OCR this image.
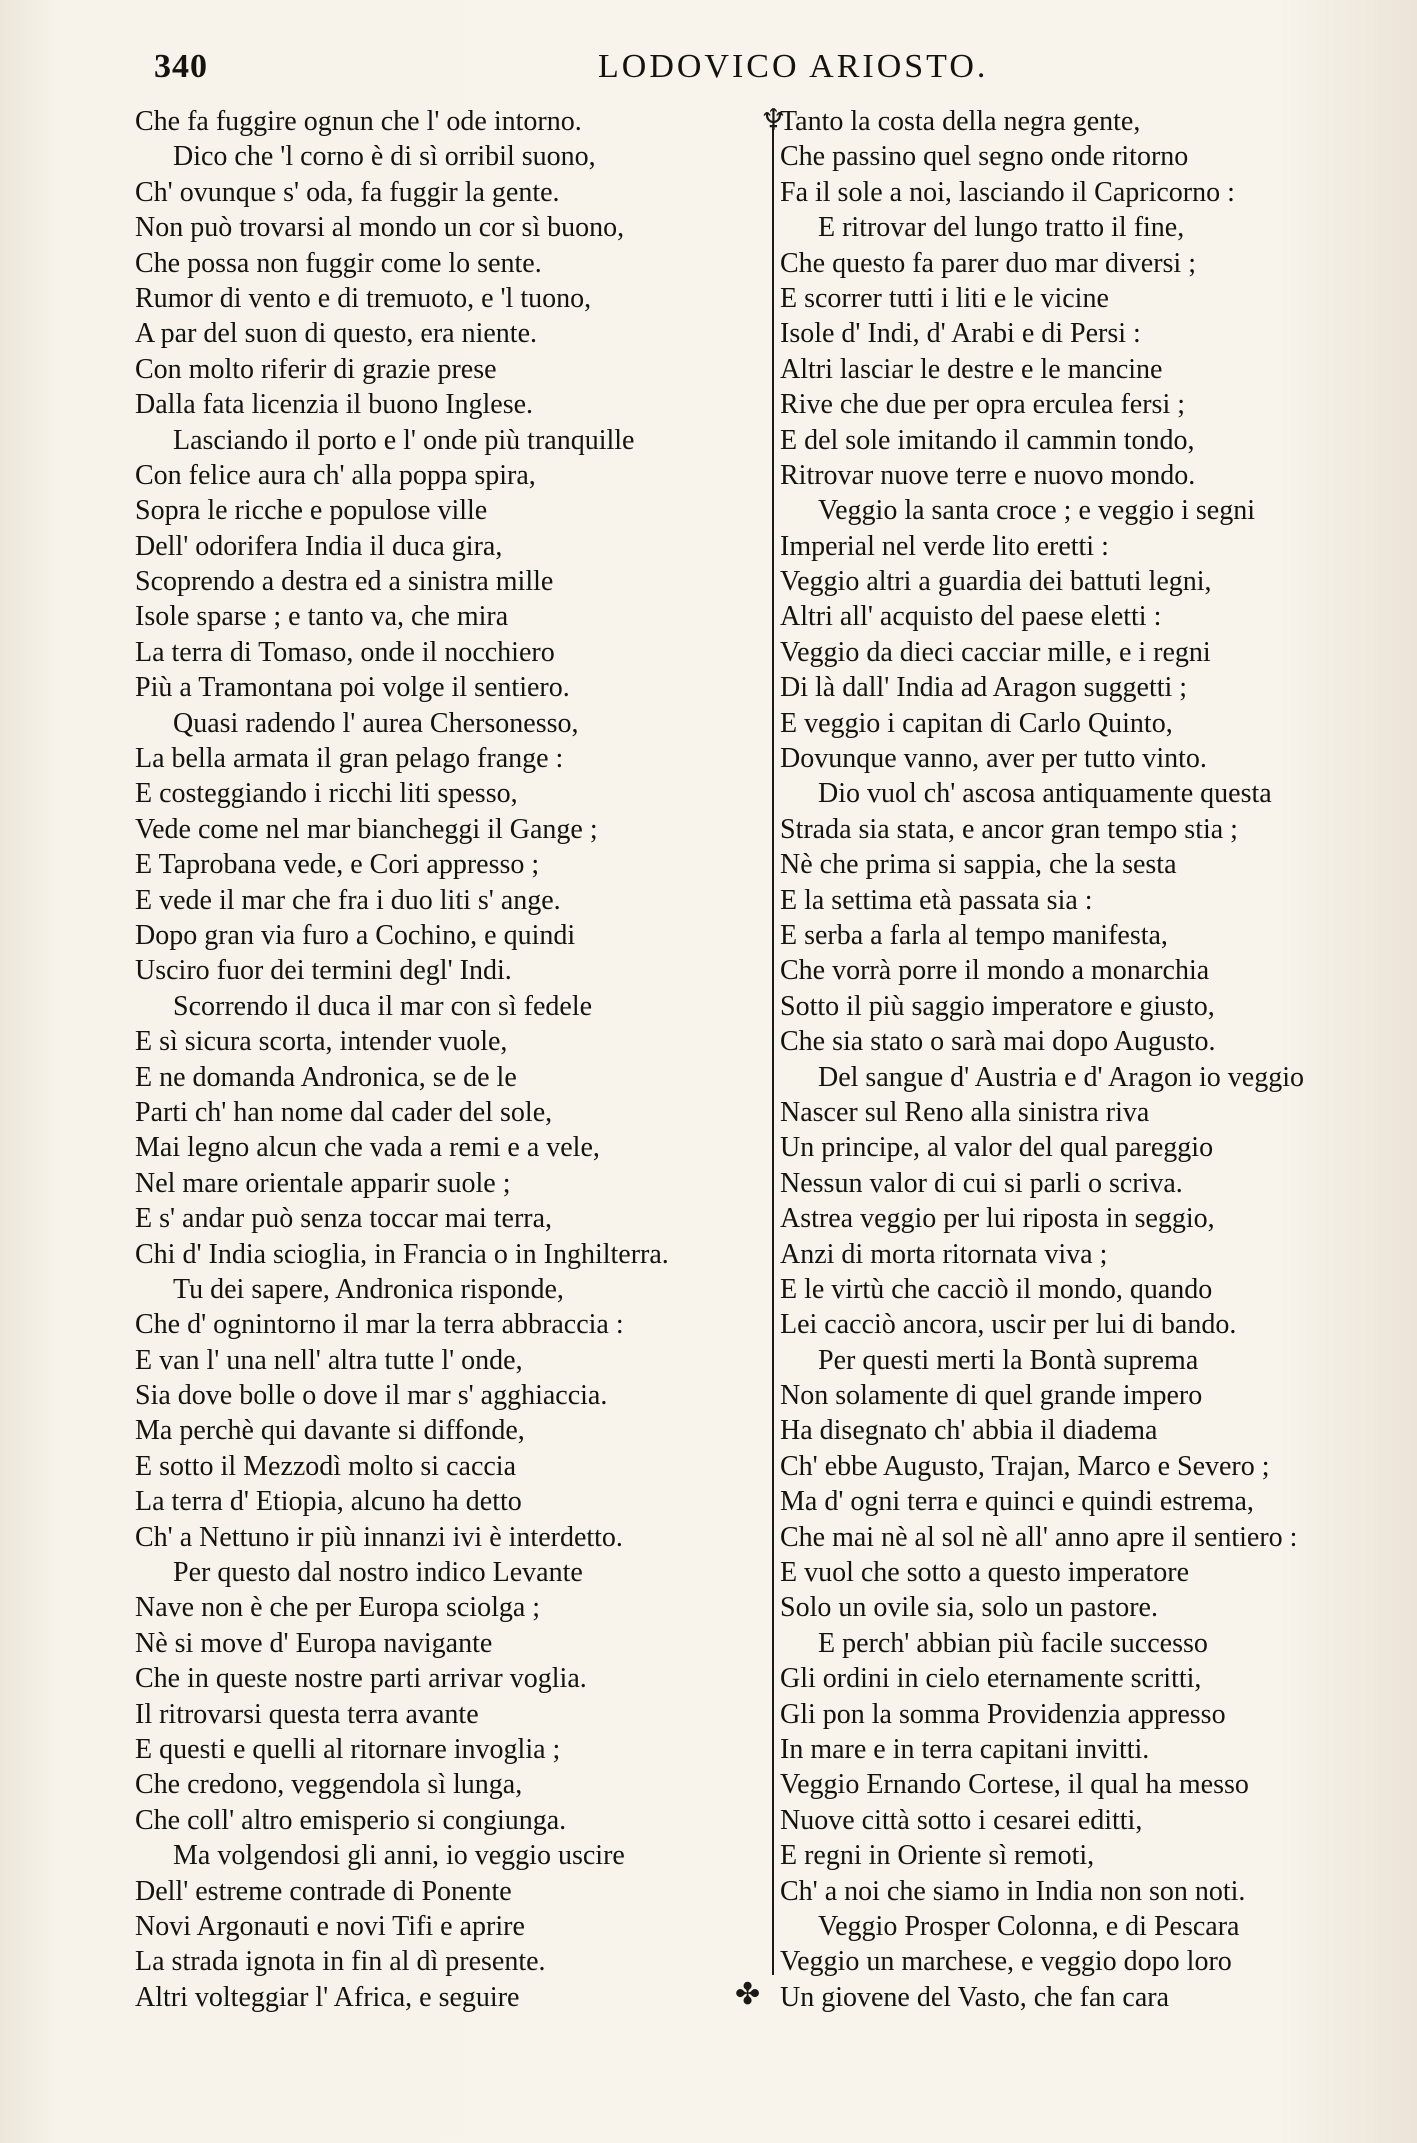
340	LODOVICO ARIOSTO.
Che fa fuggire ognun che l' ode intorno.
Dico che 'l corno è di sì orribil suono,
Ch' ovunque s' oda, fa fuggir la gente.
Non può trovarsi al mondo un cor sì buono,
Che possa non fuggir come lo sente.
Rumor di vento e di tremuoto, e 'l tuono,
A par del suon di questo, era niente.
Con molto riferir di grazie prese
Dalla fata licenzia il buono Inglese.
Lasciando il porto e l' onde più tranquille
Con felice aura ch' alla poppa spira,
Sopra le ricche e populose ville
Dell' odorifera India il duca gira,
Scoprendo a destra ed a sinistra mille
Isole sparse ; e tanto va, che mira
La terra di Tomaso, onde il nocchiero
Più a Tramontana poi volge il sentiero.
Quasi radendo l' aurea Chersonesso,
La bella armata il gran pelago frange :
E costeggiando i ricchi liti spesso,
Vede come nel mar biancheggi il Gange ;
E Taprobana vede, e Cori appresso ;
E vede il mar che fra i duo liti s' ange.
Dopo gran via furo a Cochino, e quindi
Usciro fuor dei termini degl' Indi.
Scorrendo il duca il mar con sì fedele
E sì sicura scorta, intender vuole,
E ne domanda Andronica, se de le
Parti ch' han nome dal cader del sole,
Mai legno alcun che vada a remi e a vele,
Nel mare orientale apparir suole ;
E s' andar può senza toccar mai terra,
Chi d' India scioglia, in Francia o in Inghilterra.
Tu dei sapere, Andronica risponde,
Che d' ognintorno il mar la terra abbraccia :
E van l' una nell' altra tutte l' onde,
Sia dove bolle o dove il mar s' agghiaccia.
Ma perchè qui davante si diffonde,
E sotto il Mezzodì molto si caccia
La terra d' Etiopia, alcuno ha detto
Ch' a Nettuno ir più innanzi ivi è interdetto.
Per questo dal nostro indico Levante
Nave non è che per Europa sciolga ;
Nè si move d' Europa navigante
Che in queste nostre parti arrivar voglia.
Il ritrovarsi questa terra avante
E questi e quelli al ritornare invoglia ;
Che credono, veggendola sì lunga,
Che coll' altro emisperio si congiunga.
Ma volgendosi gli anni, io veggio uscire
Dell' estreme contrade di Ponente
Novi Argonauti e novi Tifi e aprire
La strada ignota in fin al dì presente.
Altri volteggiar l' Africa, e seguire
♆
Tanto la costa della negra gente,
Che passino quel segno onde ritorno
Fa il sole a noi, lasciando il Capricorno :
E ritrovar del lungo tratto il fine,
Che questo fa parer duo mar diversi ;
E scorrer tutti i liti e le vicine
Isole d' Indi, d' Arabi e di Persi :
Altri lasciar le destre e le mancine
Rive che due per opra erculea fersi ;
E del sole imitando il cammin tondo,
Ritrovar nuove terre e nuovo mondo.
Veggio la santa croce ; e veggio i segni
Imperial nel verde lito eretti :
Veggio altri a guardia dei battuti legni,
Altri all' acquisto del paese eletti :
Veggio da dieci cacciar mille, e i regni
Di là dall' India ad Aragon suggetti ;
E veggio i capitan di Carlo Quinto,
Dovunque vanno, aver per tutto vinto.
Dio vuol ch' ascosa antiquamente questa
Strada sia stata, e ancor gran tempo stia ;
Nè che prima si sappia, che la sesta
E la settima età passata sia :
E serba a farla al tempo manifesta,
Che vorrà porre il mondo a monarchia
Sotto il più saggio imperatore e giusto,
Che sia stato o sarà mai dopo Augusto.
Del sangue d' Austria e d' Aragon io veggio
Nascer sul Reno alla sinistra riva
Un principe, al valor del qual pareggio
Nessun valor di cui si parli o scriva.
Astrea veggio per lui riposta in seggio,
Anzi di morta ritornata viva ;
E le virtù che cacciò il mondo, quando
Lei cacciò ancora, uscir per lui di bando.
Per questi merti la Bontà suprema
Non solamente di quel grande impero
Ha disegnato ch' abbia il diadema
Ch' ebbe Augusto, Trajan, Marco e Severo ;
Ma d' ogni terra e quinci e quindi estrema,
Che mai nè al sol nè all' anno apre il sentiero :
E vuol che sotto a questo imperatore
Solo un ovile sia, solo un pastore.
E perch' abbian più facile successo
Gli ordini in cielo eternamente scritti,
Gli pon la somma Providenzia appresso
In mare e in terra capitani invitti.
Veggio Ernando Cortese, il qual ha messo
Nuove città sotto i cesarei editti,
E regni in Oriente sì remoti,
Ch' a noi che siamo in India non son noti.
Veggio Prosper Colonna, e di Pescara
Veggio un marchese, e veggio dopo loro
Un giovene del Vasto, che fan cara
✤
